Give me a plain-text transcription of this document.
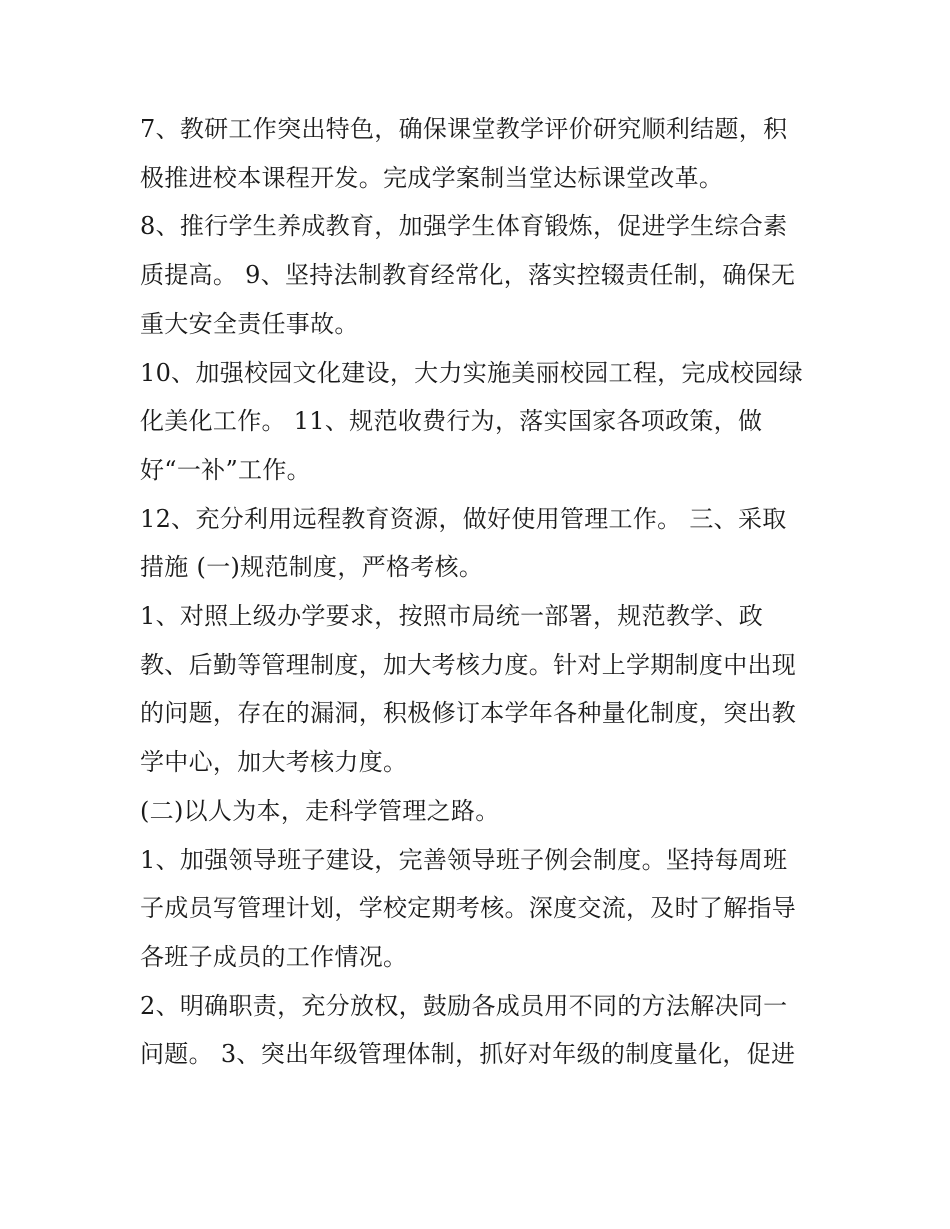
7、教研工作突出特色，确保课堂教学评价研究顺利结题，积
极推进校本课程开发。完成学案制当堂达标课堂改革。
8、推行学生养成教育，加强学生体育锻炼，促进学生综合素
质提高。 9、坚持法制教育经常化，落实控辍责任制，确保无
重大安全责任事故。
10、加强校园文化建设，大力实施美丽校园工程，完成校园绿
化美化工作。 11、规范收费行为，落实国家各项政策，做
好“一补”工作。
12、充分利用远程教育资源，做好使用管理工作。 三、采取
措施 (一)规范制度，严格考核。
1、对照上级办学要求，按照市局统一部署，规范教学、政
教、后勤等管理制度，加大考核力度。针对上学期制度中出现
的问题，存在的漏洞，积极修订本学年各种量化制度，突出教
学中心，加大考核力度。
(二)以人为本，走科学管理之路。
1、加强领导班子建设，完善领导班子例会制度。坚持每周班
子成员写管理计划，学校定期考核。深度交流，及时了解指导
各班子成员的工作情况。
2、明确职责，充分放权，鼓励各成员用不同的方法解决同一
问题。 3、突出年级管理体制，抓好对年级的制度量化，促进
